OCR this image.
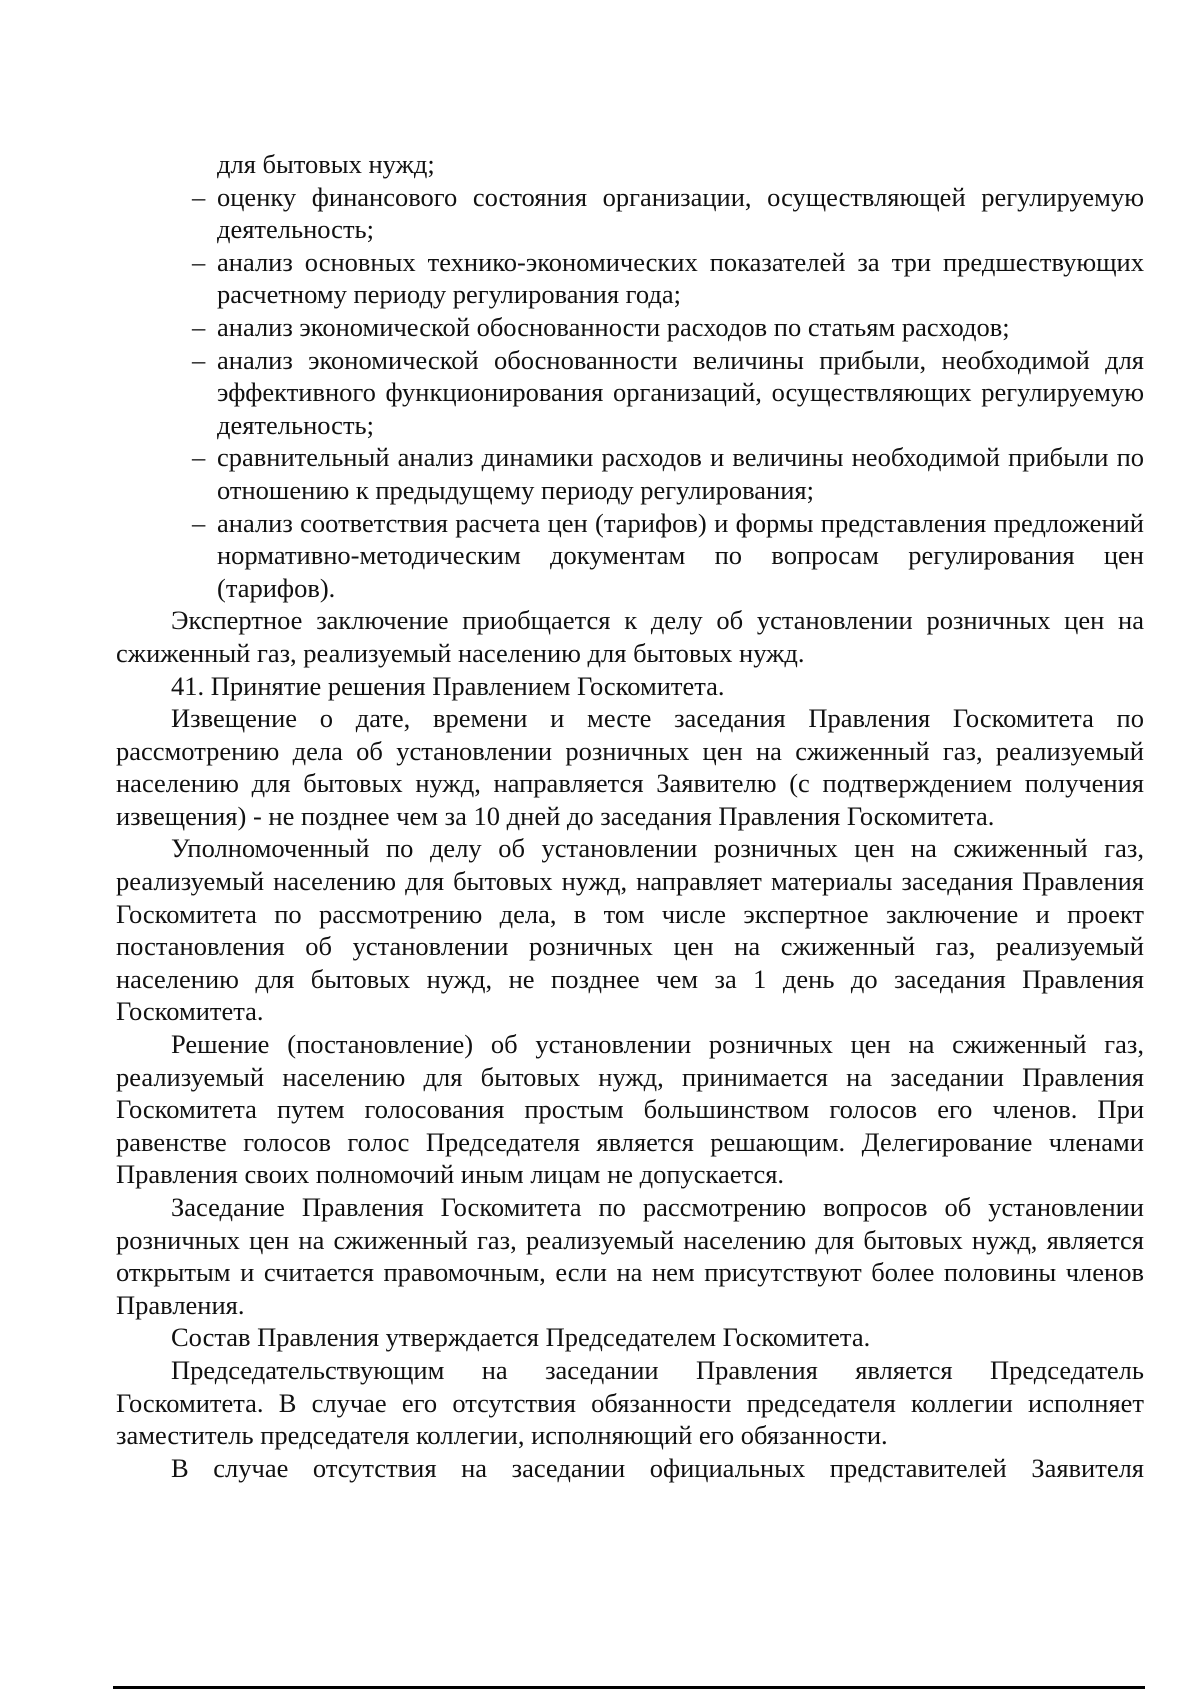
для бытовых нужд;
– оценку финансового состояния организации, осуществляющей регулируемую деятельность;
– анализ основных технико-экономических показателей за три предшествующих расчетному периоду регулирования года;
– анализ экономической обоснованности расходов по статьям расходов;
– анализ экономической обоснованности величины прибыли, необходимой для эффективного функционирования организаций, осуществляющих регулируемую деятельность;
– сравнительный анализ динамики расходов и величины необходимой прибыли по отношению к предыдущему периоду регулирования;
– анализ соответствия расчета цен (тарифов) и формы представления предложений нормативно-методическим документам по вопросам регулирования цен (тарифов).

Экспертное заключение приобщается к делу об установлении розничных цен на сжиженный газ, реализуемый населению для бытовых нужд.

41. Принятие решения Правлением Госкомитета.

Извещение о дате, времени и месте заседания Правления Госкомитета по рассмотрению дела об установлении розничных цен на сжиженный газ, реализуемый населению для бытовых нужд, направляется Заявителю (с подтверждением получения извещения) - не позднее чем за 10 дней до заседания Правления Госкомитета.

Уполномоченный по делу об установлении розничных цен на сжиженный газ, реализуемый населению для бытовых нужд, направляет материалы заседания Правления Госкомитета по рассмотрению дела, в том числе экспертное заключение и проект постановления об установлении розничных цен на сжиженный газ, реализуемый населению для бытовых нужд, не позднее чем за 1 день до заседания Правления Госкомитета.

Решение (постановление) об установлении розничных цен на сжиженный газ, реализуемый населению для бытовых нужд, принимается на заседании Правления Госкомитета путем голосования простым большинством голосов его членов. При равенстве голосов голос Председателя является решающим. Делегирование членами Правления своих полномочий иным лицам не допускается.

Заседание Правления Госкомитета по рассмотрению вопросов об установлении розничных цен на сжиженный газ, реализуемый населению для бытовых нужд, является открытым и считается правомочным, если на нем присутствуют более половины членов Правления.

Состав Правления утверждается Председателем Госкомитета.

Председательствующим на заседании Правления является Председатель Госкомитета. В случае его отсутствия обязанности председателя коллегии исполняет заместитель председателя коллегии, исполняющий его обязанности.

В случае отсутствия на заседании официальных представителей Заявителя
